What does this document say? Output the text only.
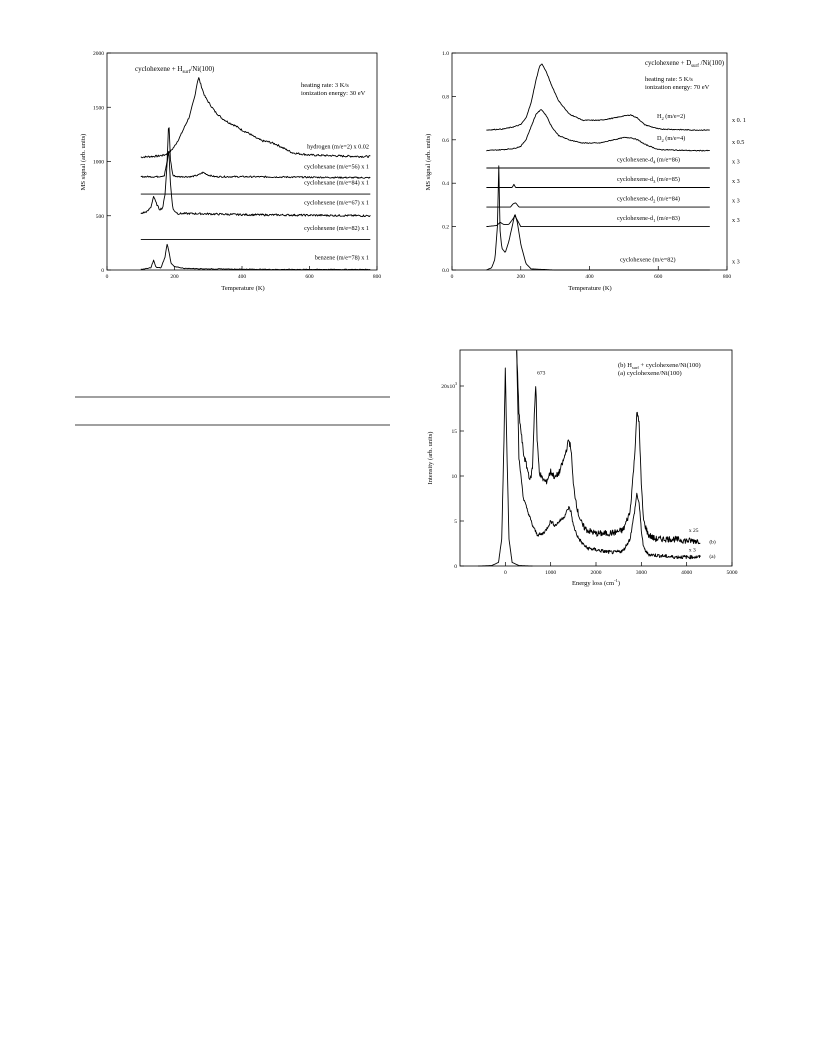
0	200	400	600	800
0
500
1000
1500
2000
hydrogen (m/e=2) x 0.02
cyclohexane (m/e=56) x 1
cyclohexane (m/e=84) x 1
cyclohexene (m/e=67) x 1
cyclohexene (m/e=82) x 1
benzene (m/e=78) x 1
cyclohexene + $H_{surf}/Ni(100)$
heating rate: 3 K/s
ionization energy: 30 eV
Temperature (K)
MS signal (arb. units)
0	200	400	600	800
0.0
0.2
0.4
0.6
0.8
1.0
$H_2$ (m/e=2)
x 0. 1
$D_2$ (m/e=4)
x 0.5
cyclohexene-$d_4$ (m/e=86)	x 3
cyclohexene-$d_3$ (m/e=85)	x 3
cyclohexene-$d_2$ (m/e=84)	x 3
cyclohexene-$d_1$ (m/e=83)	x 3
cyclohexene (m/e=82)	x 3
cyclohexene + $D_{surf}$ /Ni(100)
heating rate: 5 K/s
ionization energy: 70 eV
Temperature (K)
MS signal (arb. units)
0	1000	2000	3000	4000	5000
0
5
10
15
$20x10^3$
673
x 25
(b)
x 3
(a)
(b) $H_{surf}$ + cyclohexene/Ni(100)
(a) cyclohexene/Ni(100)
Energy loss $(cm^{-1})$
Intensity (arb. units)
